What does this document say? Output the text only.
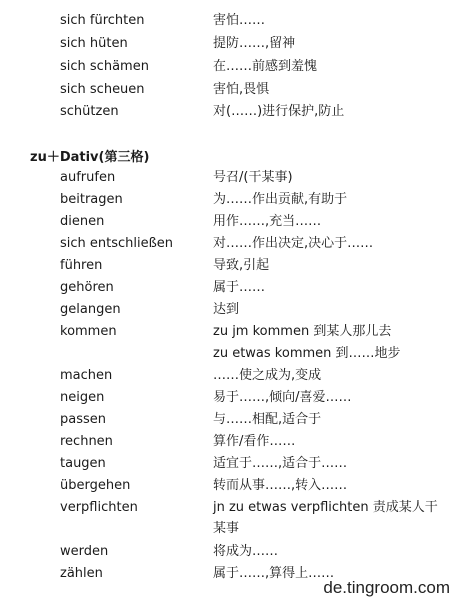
sich fürchten	害怕……
sich hüten	提防……,留神
sich schämen	在……前感到羞愧
sich scheuen	害怕,畏惧
schützen	对(……)进行保护,防止
zu＋Dativ(第三格)
aufrufen	号召/(干某事)
beitragen	为……作出贡献,有助于
dienen	用作……,充当……
sich entschließen	对……作出决定,决心于……
führen	导致,引起
gehören	属于……
gelangen	达到
kommen	zu jm kommen 到某人那儿去
zu etwas kommen 到……地步
machen	……使之成为,变成
neigen	易于……,倾向/喜爱……
passen	与……相配,适合于
rechnen	算作/看作……
taugen	适宜于……,适合于……
übergehen	转而从事……,转入……
verpflichten	jn zu etwas verpflichten 责成某人干
某事
werden	将成为……
zählen	属于……,算得上……
de.tingroom.com
